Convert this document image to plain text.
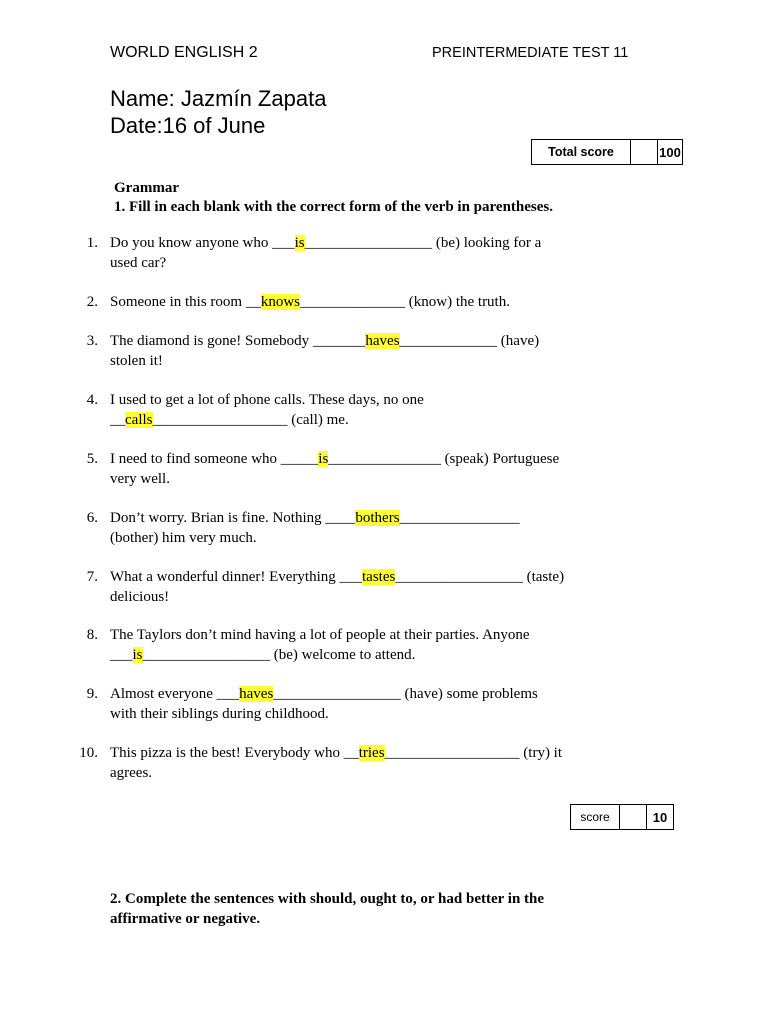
WORLD ENGLISH 2	PREINTERMEDIATE TEST 11
Name: Jazmín Zapata
Date:16 of June
Total score		100
Grammar
1. Fill in each blank with the correct form of the verb in parentheses.
1. Do you know anyone who ___is_________________ (be) looking for a
used car?
2. Someone in this room __knows______________ (know) the truth.
3. The diamond is gone! Somebody _______haves_____________ (have)
stolen it!
4. I used to get a lot of phone calls. These days, no one
__calls__________________ (call) me.
5. I need to find someone who _____is_______________ (speak) Portuguese
very well.
6. Don’t worry. Brian is fine. Nothing ____bothers________________
(bother) him very much.
7. What a wonderful dinner! Everything ___tastes_________________ (taste)
delicious!
8. The Taylors don’t mind having a lot of people at their parties. Anyone
___is_________________ (be) welcome to attend.
9. Almost everyone ___haves_________________ (have) some problems
with their siblings during childhood.
10. This pizza is the best! Everybody who __tries__________________ (try) it
agrees.
score		10
2. Complete the sentences with should, ought to, or had better in the
affirmative or negative.
